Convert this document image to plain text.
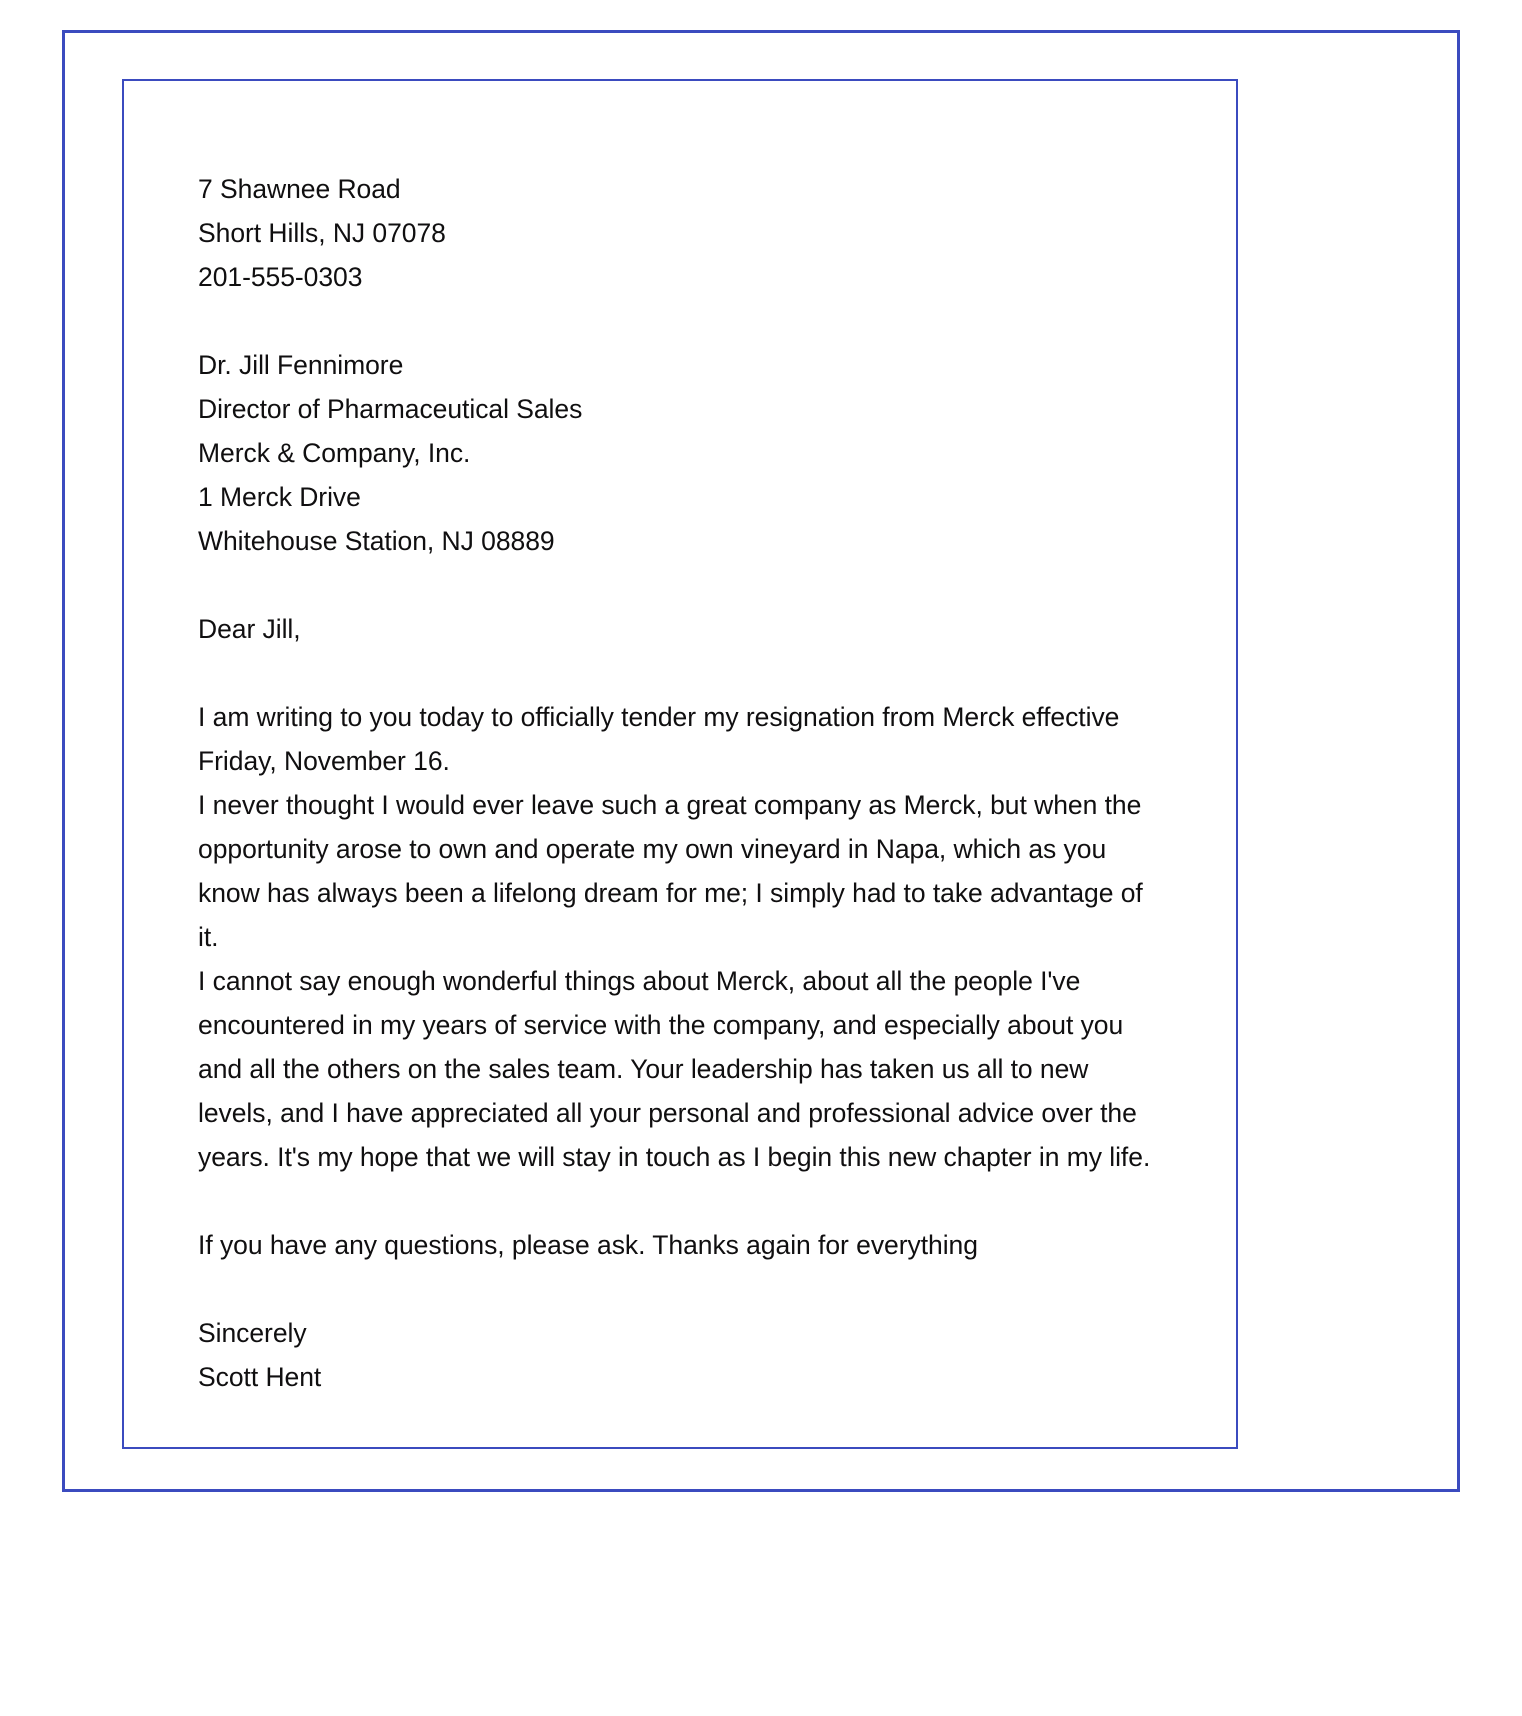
7 Shawnee Road
Short Hills, NJ 07078
201-555-0303
Dr. Jill Fennimore
Director of Pharmaceutical Sales
Merck & Company, Inc.
1 Merck Drive
Whitehouse Station, NJ 08889
Dear Jill,
I am writing to you today to officially tender my resignation from Merck effective
Friday, November 16.

I never thought I would ever leave such a great company as Merck, but when the opportunity arose to own and operate my own vineyard in Napa, which as you know has always been a lifelong dream for me; I simply had to take advantage of it.

I cannot say enough wonderful things about Merck, about all the people I've encountered in my years of service with the company, and especially about you and all the others on the sales team. Your leadership has taken us all to new levels, and I have appreciated all your personal and professional advice over the years. It's my hope that we will stay in touch as I begin this new chapter in my life.

If you have any questions, please ask. Thanks again for everything

Sincerely
Scott Hent
